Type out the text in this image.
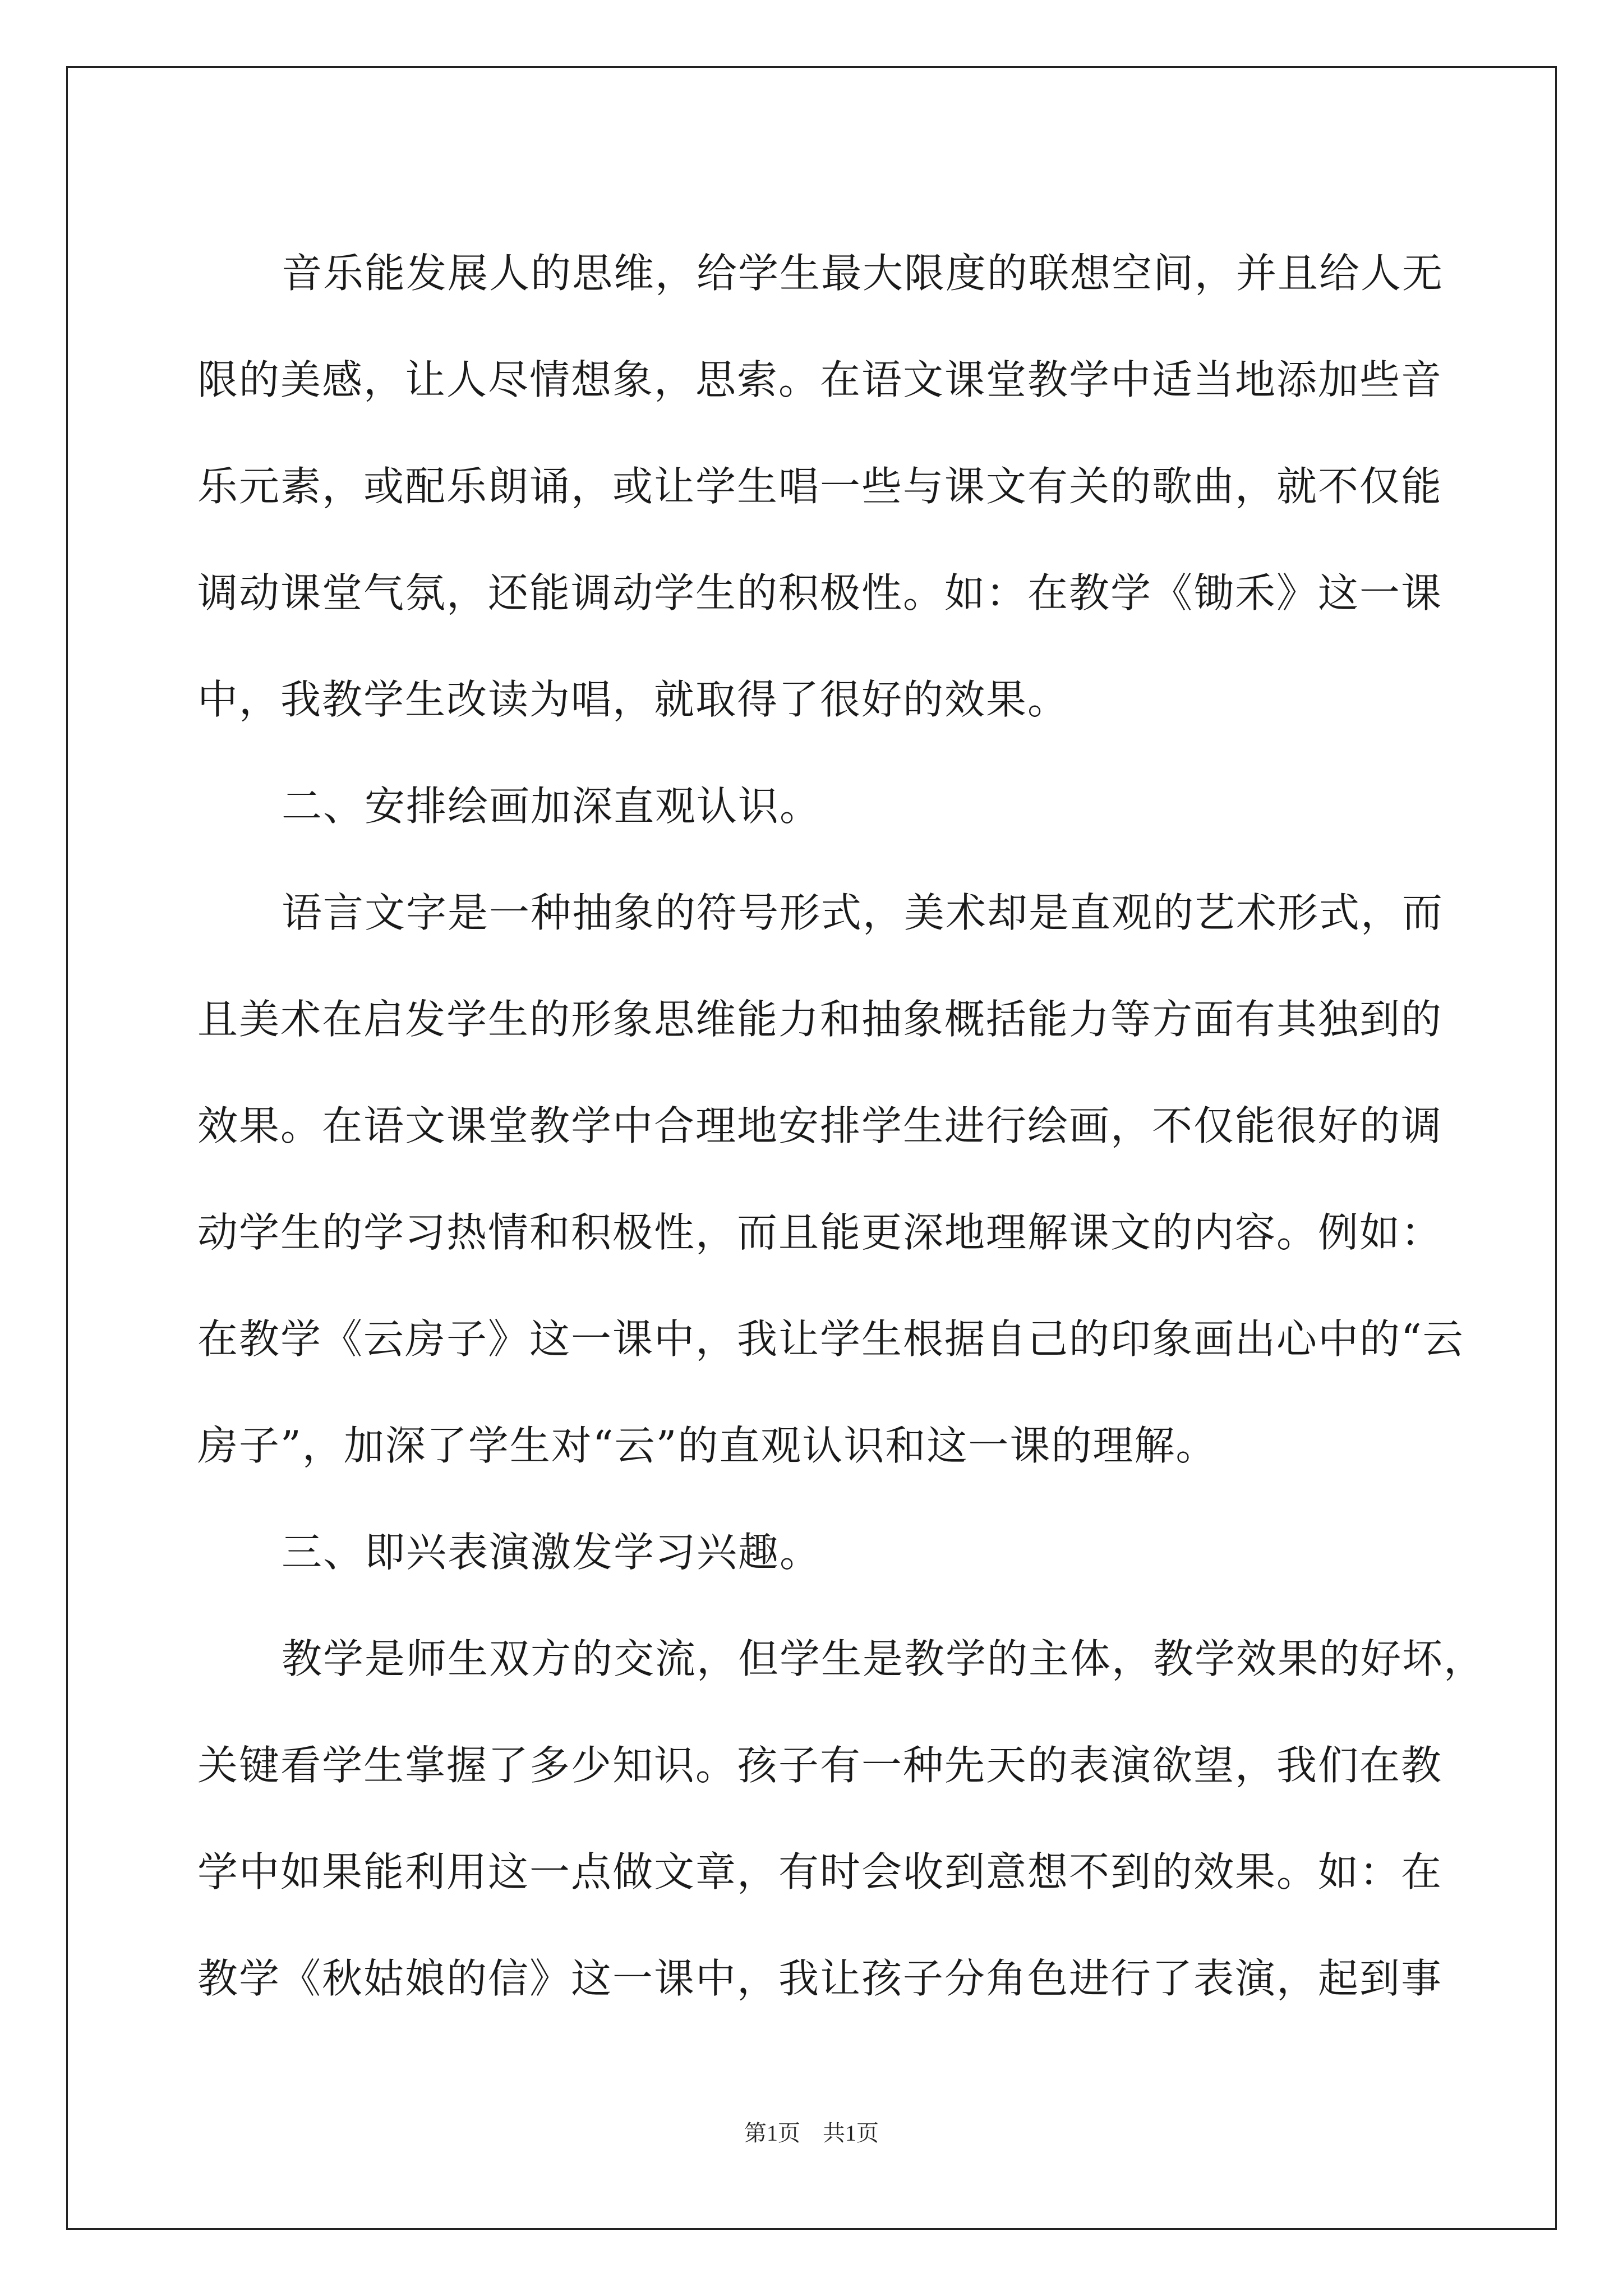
音乐能发展人的思维，给学生最大限度的联想空间，并且给人无
限的美感，让人尽情想象，思索。在语文课堂教学中适当地添加些音
乐元素，或配乐朗诵，或让学生唱一些与课文有关的歌曲，就不仅能
调动课堂气氛，还能调动学生的积极性。如：在教学《锄禾》这一课
中，我教学生改读为唱，就取得了很好的效果。
二、安排绘画加深直观认识。
语言文字是一种抽象的符号形式，美术却是直观的艺术形式，而
且美术在启发学生的形象思维能力和抽象概括能力等方面有其独到的
效果。在语文课堂教学中合理地安排学生进行绘画，不仅能很好的调
动学生的学习热情和积极性，而且能更深地理解课文的内容。例如：
在教学《云房子》这一课中，我让学生根据自己的印象画出心中的“云
房子”，加深了学生对“云”的直观认识和这一课的理解。
三、即兴表演激发学习兴趣。
教学是师生双方的交流，但学生是教学的主体，教学效果的好坏，
关键看学生掌握了多少知识。孩子有一种先天的表演欲望，我们在教
学中如果能利用这一点做文章，有时会收到意想不到的效果。如：在
教学《秋姑娘的信》这一课中，我让孩子分角色进行了表演，起到事
第1页　共1页
